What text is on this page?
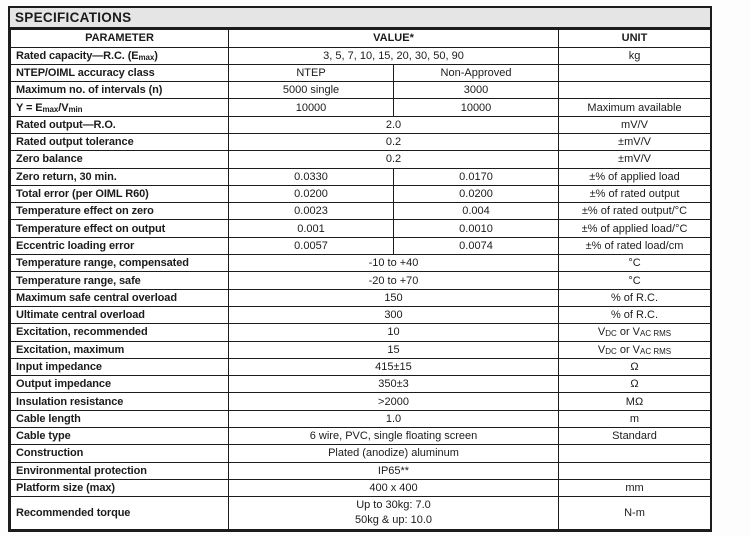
SPECIFICATIONS
PARAMETER	VALUE*		UNIT
Rated capacity—R.C. $(E_{max})$	3, 5, 7, 10, 15, 20, 30, 50, 90		kg
NTEP/OIML accuracy class	NTEP	Non-Approved	
Maximum no. of intervals (n)	5000 single	3000	
$Y = E_{max}/V_{min}$	10000	10000	Maximum available
Rated output—R.O.	2.0		mV/V
Rated output tolerance	0.2		±mV/V
Zero balance	0.2		±mV/V
Zero return, 30 min.	0.0330	0.0170	±% of applied load
Total error (per OIML R60)	0.0200	0.0200	±% of rated output
Temperature effect on zero	0.0023	0.004	±% of rated output/°C
Temperature effect on output	0.001	0.0010	±% of applied load/°C
Eccentric loading error	0.0057	0.0074	±% of rated load/cm
Temperature range, compensated	-10 to +40		°C
Temperature range, safe	-20 to +70		°C
Maximum safe central overload	150		% of R.C.
Ultimate central overload	300		% of R.C.
Excitation, recommended	10		$V_{DC}$ or $V_{AC RMS}$
Excitation, maximum	15		$V_{DC}$ or $V_{AC RMS}$
Input impedance	415±15		Ω
Output impedance	350±3		Ω
Insulation resistance	>2000		MΩ
Cable length	1.0		m
Cable type	6 wire, PVC, single floating screen		Standard
Construction	Plated (anodize) aluminum		
Environmental protection	IP65**		
Platform size (max)	400 x 400		mm
Recommended torque	Up to 30kg: 7.0
50kg & up: 10.0		N-m
